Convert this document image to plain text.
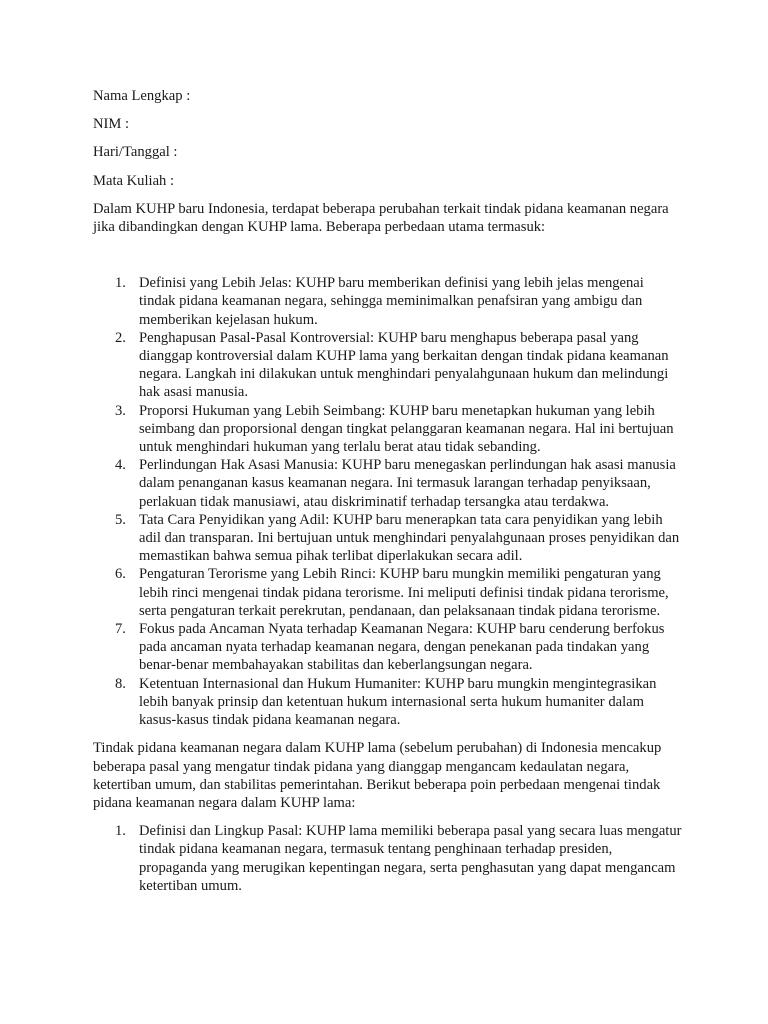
Nama Lengkap :
NIM :
Hari/Tanggal :
Mata Kuliah :

Dalam KUHP baru Indonesia, terdapat beberapa perubahan terkait tindak pidana keamanan negara jika dibandingkan dengan KUHP lama. Beberapa perbedaan utama termasuk:

1. Definisi yang Lebih Jelas: KUHP baru memberikan definisi yang lebih jelas mengenai tindak pidana keamanan negara, sehingga meminimalkan penafsiran yang ambigu dan memberikan kejelasan hukum.
2. Penghapusan Pasal-Pasal Kontroversial: KUHP baru menghapus beberapa pasal yang dianggap kontroversial dalam KUHP lama yang berkaitan dengan tindak pidana keamanan negara. Langkah ini dilakukan untuk menghindari penyalahgunaan hukum dan melindungi hak asasi manusia.
3. Proporsi Hukuman yang Lebih Seimbang: KUHP baru menetapkan hukuman yang lebih seimbang dan proporsional dengan tingkat pelanggaran keamanan negara. Hal ini bertujuan untuk menghindari hukuman yang terlalu berat atau tidak sebanding.
4. Perlindungan Hak Asasi Manusia: KUHP baru menegaskan perlindungan hak asasi manusia dalam penanganan kasus keamanan negara. Ini termasuk larangan terhadap penyiksaan, perlakuan tidak manusiawi, atau diskriminatif terhadap tersangka atau terdakwa.
5. Tata Cara Penyidikan yang Adil: KUHP baru menerapkan tata cara penyidikan yang lebih adil dan transparan. Ini bertujuan untuk menghindari penyalahgunaan proses penyidikan dan memastikan bahwa semua pihak terlibat diperlakukan secara adil.
6. Pengaturan Terorisme yang Lebih Rinci: KUHP baru mungkin memiliki pengaturan yang lebih rinci mengenai tindak pidana terorisme. Ini meliputi definisi tindak pidana terorisme, serta pengaturan terkait perekrutan, pendanaan, dan pelaksanaan tindak pidana terorisme.
7. Fokus pada Ancaman Nyata terhadap Keamanan Negara: KUHP baru cenderung berfokus pada ancaman nyata terhadap keamanan negara, dengan penekanan pada tindakan yang benar-benar membahayakan stabilitas dan keberlangsungan negara.
8. Ketentuan Internasional dan Hukum Humaniter: KUHP baru mungkin mengintegrasikan lebih banyak prinsip dan ketentuan hukum internasional serta hukum humaniter dalam kasus-kasus tindak pidana keamanan negara.

Tindak pidana keamanan negara dalam KUHP lama (sebelum perubahan) di Indonesia mencakup beberapa pasal yang mengatur tindak pidana yang dianggap mengancam kedaulatan negara, ketertiban umum, dan stabilitas pemerintahan. Berikut beberapa poin perbedaan mengenai tindak pidana keamanan negara dalam KUHP lama:

1. Definisi dan Lingkup Pasal: KUHP lama memiliki beberapa pasal yang secara luas mengatur tindak pidana keamanan negara, termasuk tentang penghinaan terhadap presiden, propaganda yang merugikan kepentingan negara, serta penghasutan yang dapat mengancam ketertiban umum.
